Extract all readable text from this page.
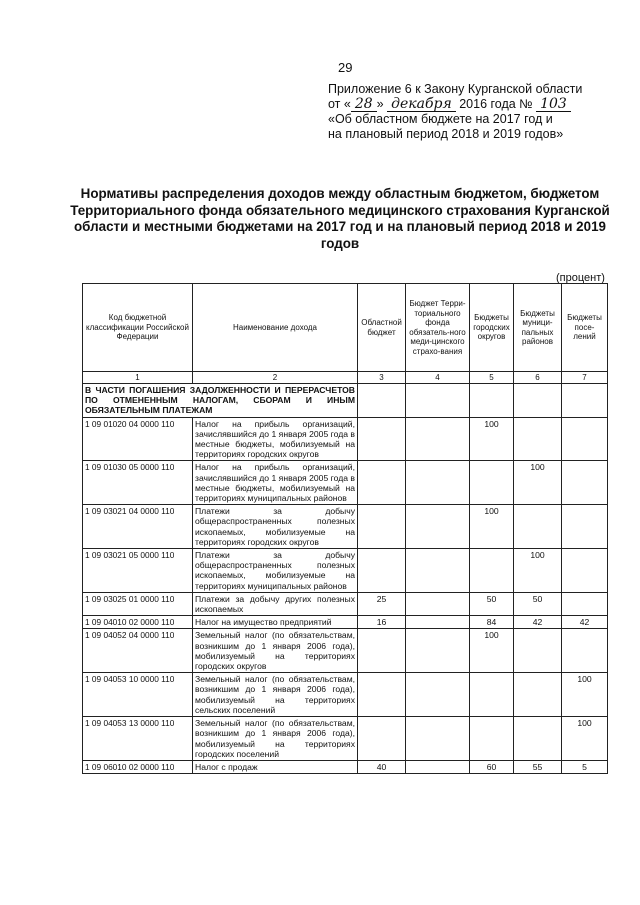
29
Приложение 6 к Закону Курганской области
от « 28 » декабря 2016 года № 103
«Об областном бюджете на 2017 год и
на плановый период 2018 и 2019 годов»
Нормативы распределения доходов между областным бюджетом, бюджетом Территориального фонда обязательного медицинского страхования Курганской области и местными бюджетами на 2017 год и на плановый период 2018 и 2019 годов
(процент)
Код бюджетной классификации Российской Федерации	Наименование дохода	Областной бюджет	Бюджет Терри-ториального фонда обязатель-ного меди-цинского страхо-вания	Бюджеты городских округов	Бюджеты муници-пальных районов	Бюджеты посе-лений
1	2	3	4	5	6	7
В ЧАСТИ ПОГАШЕНИЯ ЗАДОЛЖЕННОСТИ И ПЕРЕРАСЧЕТОВ ПО ОТМЕНЕННЫМ НАЛОГАМ, СБОРАМ И ИНЫМ ОБЯЗАТЕЛЬНЫМ ПЛАТЕЖАМ						
1 09 01020 04 0000 110	Налог на прибыль организаций, зачислявшийся до 1 января 2005 года в местные бюджеты, мобилизуемый на территориях городских округов			100		
1 09 01030 05 0000 110	Налог на прибыль организаций, зачислявшийся до 1 января 2005 года в местные бюджеты, мобилизуемый на территориях муниципальных районов				100	
1 09 03021 04 0000 110	Платежи за добычу общераспространенных полезных ископаемых, мобилизуемые на территориях городских округов			100		
1 09 03021 05 0000 110	Платежи за добычу общераспространенных полезных ископаемых, мобилизуемые на территориях муниципальных районов				100	
1 09 03025 01 0000 110	Платежи за добычу других полезных ископаемых	25		50	50	
1 09 04010 02 0000 110	Налог на имущество предприятий	16		84	42	42
1 09 04052 04 0000 110	Земельный налог (по обязательствам, возникшим до 1 января 2006 года), мобилизуемый на территориях городских округов			100		
1 09 04053 10 0000 110	Земельный налог (по обязательствам, возникшим до 1 января 2006 года), мобилизуемый на территориях сельских поселений					100
1 09 04053 13 0000 110	Земельный налог (по обязательствам, возникшим до 1 января 2006 года), мобилизуемый на территориях городских поселений					100
1 09 06010 02 0000 110	Налог с продаж	40		60	55	5
